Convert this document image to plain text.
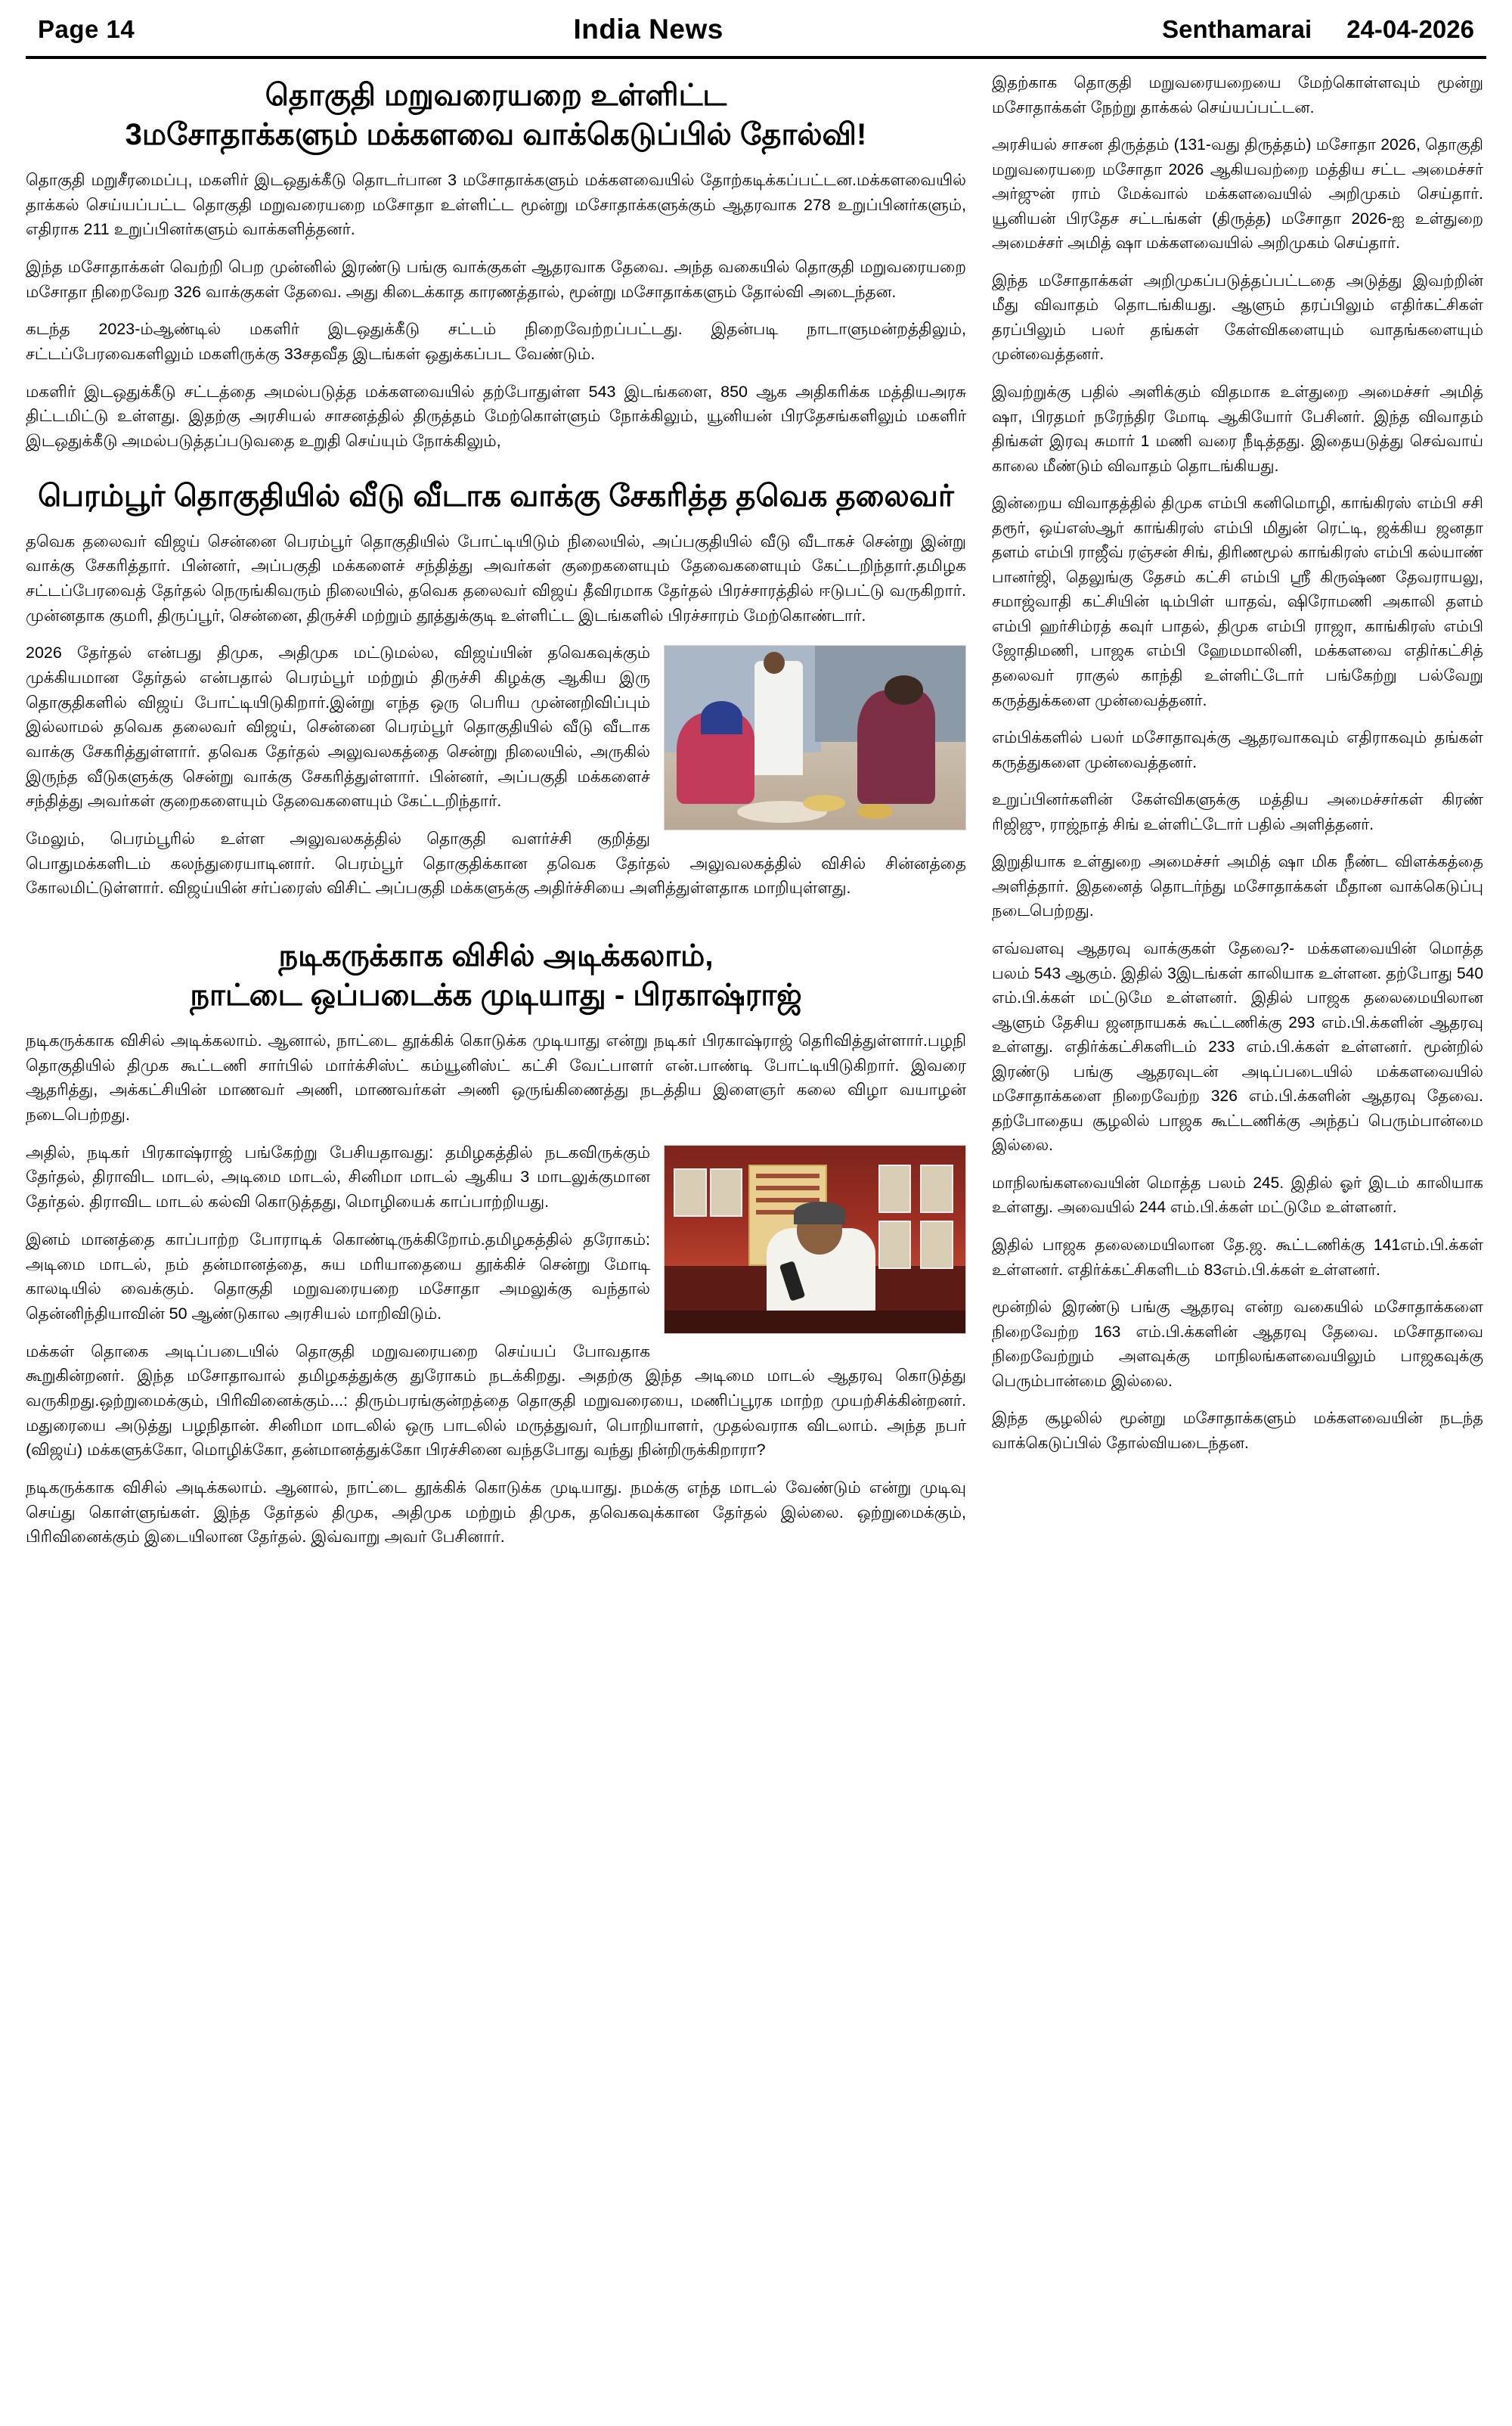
Page 14	India News	Senthamarai 24-04-2026
தொகுதி மறுவரையறை உள்ளிட்ட
3மசோதாக்களும் மக்களவை வாக்கெடுப்பில் தோல்வி!

தொகுதி மறுசீரமைப்பு, மகளிர் இடஒதுக்கீடு தொடர்பான 3 மசோதாக்களும் மக்களவையில் தோற்கடிக்கப்பட்டன.மக்களவையில் தாக்கல் செய்யப்பட்ட தொகுதி மறுவரையறை மசோதா உள்ளிட்ட மூன்று மசோதாக்களுக்கும் ஆதரவாக 278 உறுப்பினர்களும், எதிராக 211 உறுப்பினர்களும் வாக்களித்தனர்.

இந்த மசோதாக்கள் வெற்றி பெற முன்னில் இரண்டு பங்கு வாக்குகள் ஆதரவாக தேவை. அந்த வகையில் தொகுதி மறுவரையறை மசோதா நிறைவேற 326 வாக்குகள் தேவை. அது கிடைக்காத காரணத்தால், மூன்று மசோதாக்களும் தோல்வி அடைந்தன.

கடந்த 2023-ம்ஆண்டில் மகளிர் இடஒதுக்கீடு சட்டம் நிறைவேற்றப்பட்டது. இதன்படி நாடாளுமன்றத்திலும், சட்டப்பேரவைகளிலும் மகளிருக்கு 33சதவீத இடங்கள் ஒதுக்கப்பட வேண்டும்.

மகளிர் இடஒதுக்கீடு சட்டத்தை அமல்படுத்த மக்களவையில் தற்போதுள்ள 543 இடங்களை, 850 ஆக அதிகரிக்க மத்தியஅரசு திட்டமிட்டு உள்ளது. இதற்கு அரசியல் சாசனத்தில் திருத்தம் மேற்கொள்ளும் நோக்கிலும், யூனியன் பிரதேசங்களிலும் மகளிர் இடஒதுக்கீடு அமல்படுத்தப்படுவதை உறுதி செய்யும் நோக்கிலும்,

பெரம்பூர் தொகுதியில் வீடு வீடாக வாக்கு சேகரித்த தவெக தலைவர்

தவெக தலைவர் விஜய் சென்னை பெரம்பூர் தொகுதியில் போட்டியிடும் நிலையில், அப்பகுதியில் வீடு வீடாகச் சென்று இன்று வாக்கு சேகரித்தார். பின்னர், அப்பகுதி மக்களைச் சந்தித்து அவர்கள் குறைகளையும் தேவைகளையும் கேட்டறிந்தார்.தமிழக சட்டப்பேரவைத் தேர்தல் நெருங்கிவரும் நிலையில், தவெக தலைவர் விஜய் தீவிரமாக தேர்தல் பிரச்சாரத்தில் ஈடுபட்டு வருகிறார். முன்னதாக குமரி, திருப்பூர், சென்னை, திருச்சி மற்றும் தூத்துக்குடி உள்ளிட்ட இடங்களில் பிரச்சாரம் மேற்கொண்டார்.

2026 தேர்தல் என்பது திமுக, அதிமுக மட்டுமல்ல, விஜய்யின் தவெகவுக்கும் முக்கியமான தேர்தல் என்பதால் பெரம்பூர் மற்றும் திருச்சி கிழக்கு ஆகிய இரு தொகுதிகளில் விஜய் போட்டியிடுகிறார்.இன்று எந்த ஒரு பெரிய முன்னறிவிப்பும் இல்லாமல் தவெக தலைவர் விஜய், சென்னை பெரம்பூர் தொகுதியில் வீடு வீடாக வாக்கு சேகரித்துள்ளார். தவெக தேர்தல் அலுவலகத்தை சென்று நிலையில், அருகில் இருந்த வீடுகளுக்கு சென்று வாக்கு சேகரித்துள்ளார். பின்னர், அப்பகுதி மக்களைச் சந்தித்து அவர்கள் குறைகளையும் தேவைகளையும் கேட்டறிந்தார்.

மேலும், பெரம்பூரில் உள்ள அலுவலகத்தில் தொகுதி வளர்ச்சி குறித்து பொதுமக்களிடம் கலந்துரையாடினார். பெரம்பூர் தொகுதிக்கான தவெக தேர்தல் அலுவலகத்தில் விசில் சின்னத்தை கோலமிட்டுள்ளார். விஜய்யின் சர்ப்ரைஸ் விசிட் அப்பகுதி மக்களுக்கு அதிர்ச்சியை அளித்துள்ளதாக மாறியுள்ளது.

நடிகருக்காக விசில் அடிக்கலாம்,
நாட்டை ஒப்படைக்க முடியாது - பிரகாஷ்ராஜ்

நடிகருக்காக விசில் அடிக்கலாம். ஆனால், நாட்டை தூக்கிக் கொடுக்க முடியாது என்று நடிகர் பிரகாஷ்ராஜ் தெரிவித்துள்ளார்.பழநி தொகுதியில் திமுக கூட்டணி சார்பில் மார்க்சிஸ்ட் கம்யூனிஸ்ட் கட்சி வேட்பாளர் என்.பாண்டி போட்டியிடுகிறார். இவரை ஆதரித்து, அக்கட்சியின் மாணவர் அணி, மாணவர்கள் அணி ஒருங்கிணைத்து நடத்திய இளைஞர் கலை விழா வயாழன் நடைபெற்றது.

அதில், நடிகர் பிரகாஷ்ராஜ் பங்கேற்று பேசியதாவது: தமிழகத்தில் நடகவிருக்கும் தேர்தல், திராவிட மாடல், அடிமை மாடல், சினிமா மாடல் ஆகிய 3 மாடலுக்குமான தேர்தல். திராவிட மாடல் கல்வி கொடுத்தது, மொழியைக் காப்பாற்றியது.

இனம் மானத்தை காப்பாற்ற போராடிக் கொண்டிருக்கிறோம்.தமிழகத்தில் தரோகம்: அடிமை மாடல், நம் தன்மானத்தை, சுய மரியாதையை தூக்கிச் சென்று மோடி காலடியில் வைக்கும். தொகுதி மறுவரையறை மசோதா அமலுக்கு வந்தால் தென்னிந்தியாவின் 50 ஆண்டுகால அரசியல் மாறிவிடும்.

மக்கள் தொகை அடிப்படையில் தொகுதி மறுவரையறை செய்யப் போவதாக கூறுகின்றனர். இந்த மசோதாவால் தமிழகத்துக்கு துரோகம் நடக்கிறது. அதற்கு இந்த அடிமை மாடல் ஆதரவு கொடுத்து வருகிறது.ஒற்றுமைக்கும், பிரிவினைக்கும்...: திரும்பரங்குன்றத்தை தொகுதி மறுவரையை, மணிப்பூரக மாற்ற முயற்சிக்கின்றனர். மதுரையை அடுத்து பழநிதான். சினிமா மாடலில் ஒரு பாடலில் மருத்துவர், பொறியாளர், முதல்வராக விடலாம். அந்த நபர் (விஜய்) மக்களுக்கோ, மொழிக்கோ, தன்மானத்துக்கோ பிரச்சினை வந்தபோது வந்து நின்றிருக்கிறாரா?

நடிகருக்காக விசில் அடிக்கலாம். ஆனால், நாட்டை தூக்கிக் கொடுக்க முடியாது. நமக்கு எந்த மாடல் வேண்டும் என்று முடிவு செய்து கொள்ளுங்கள். இந்த தேர்தல் திமுக, அதிமுக மற்றும் திமுக, தவெகவுக்கான தேர்தல் இல்லை. ஒற்றுமைக்கும், பிரிவினைக்கும் இடையிலான தேர்தல். இவ்வாறு அவர் பேசினார்.

இதற்காக தொகுதி மறுவரையறையை மேற்கொள்ளவும் மூன்று மசோதாக்கள் நேற்று தாக்கல் செய்யப்பட்டன.

அரசியல் சாசன திருத்தம் (131-வது திருத்தம்) மசோதா 2026, தொகுதி மறுவரையறை மசோதா 2026 ஆகியவற்றை மத்திய சட்ட அமைச்சர் அர்ஜுன் ராம் மேக்வால் மக்களவையில் அறிமுகம் செய்தார். யூனியன் பிரதேச சட்டங்கள் (திருத்த) மசோதா 2026-ஐ உள்துறை அமைச்சர் அமித் ஷா மக்களவையில் அறிமுகம் செய்தார்.

இந்த மசோதாக்கள் அறிமுகப்படுத்தப்பட்டதை அடுத்து இவற்றின் மீது விவாதம் தொடங்கியது. ஆளும் தரப்பிலும் எதிர்கட்சிகள் தரப்பிலும் பலர் தங்கள் கேள்விகளையும் வாதங்களையும் முன்வைத்தனர்.

இவற்றுக்கு பதில் அளிக்கும் விதமாக உள்துறை அமைச்சர் அமித் ஷா, பிரதமர் நரேந்திர மோடி ஆகியோர் பேசினர். இந்த விவாதம் திங்கள் இரவு சுமார் 1 மணி வரை நீடித்தது. இதையடுத்து செவ்வாய் காலை மீண்டும் விவாதம் தொடங்கியது.

இன்றைய விவாதத்தில் திமுக எம்பி கனிமொழி, காங்கிரஸ் எம்பி சசி தரூர், ஒய்எஸ்ஆர் காங்கிரஸ் எம்பி மிதுன் ரெட்டி, ஜக்கிய ஜனதா தளம் எம்பி ராஜீவ் ரஞ்சன் சிங், திரிணமூல் காங்கிரஸ் எம்பி கல்யாண் பானர்ஜி, தெலுங்கு தேசம் கட்சி எம்பி ஸ்ரீ கிருஷ்ண தேவராயலு, சமாஜ்வாதி கட்சியின் டிம்பிள் யாதவ், ஷிரோமணி அகாலி தளம் எம்பி ஹர்சிம்ரத் கவுர் பாதல், திமுக எம்பி ராஜா, காங்கிரஸ் எம்பி ஜோதிமணி, பாஜக எம்பி ஹேமமாலினி, மக்களவை எதிர்கட்சித் தலைவர் ராகுல் காந்தி உள்ளிட்டோர் பங்கேற்று பல்வேறு கருத்துக்களை முன்வைத்தனர்.

எம்பிக்களில் பலர் மசோதாவுக்கு ஆதரவாகவும் எதிராகவும் தங்கள் கருத்துகளை முன்வைத்தனர்.

உறுப்பினர்களின் கேள்விகளுக்கு மத்திய அமைச்சர்கள் கிரண் ரிஜிஜு, ராஜ்நாத் சிங் உள்ளிட்டோர் பதில் அளித்தனர்.

இறுதியாக உள்துறை அமைச்சர் அமித் ஷா மிக நீண்ட விளக்கத்தை அளித்தார். இதனைத் தொடர்ந்து மசோதாக்கள் மீதான வாக்கெடுப்பு நடைபெற்றது.

எவ்வளவு ஆதரவு வாக்குகள் தேவை?- மக்களவையின் மொத்த பலம் 543 ஆகும். இதில் 3இடங்கள் காலியாக உள்ளன. தற்போது 540 எம்.பி.க்கள் மட்டுமே உள்ளனர். இதில் பாஜக தலைமையிலான ஆளும் தேசிய ஜனநாயகக் கூட்டணிக்கு 293 எம்.பி.க்களின் ஆதரவு உள்ளது. எதிர்க்கட்சிகளிடம் 233 எம்.பி.க்கள் உள்ளனர். மூன்றில் இரண்டு பங்கு ஆதரவுடன் அடிப்படையில் மக்களவையில் மசோதாக்களை நிறைவேற்ற 326 எம்.பி.க்களின் ஆதரவு தேவை. தற்போதைய சூழலில் பாஜக கூட்டணிக்கு அந்தப் பெரும்பான்மை இல்லை.

மாநிலங்களவையின் மொத்த பலம் 245. இதில் ஓர் இடம் காலியாக உள்ளது. அவையில் 244 எம்.பி.க்கள் மட்டுமே உள்ளனர்.

இதில் பாஜக தலைமையிலான தே.ஜ. கூட்டணிக்கு 141எம்.பி.க்கள் உள்ளனர். எதிர்க்கட்சிகளிடம் 83எம்.பி.க்கள் உள்ளனர்.

மூன்றில் இரண்டு பங்கு ஆதரவு என்ற வகையில் மசோதாக்களை நிறைவேற்ற 163 எம்.பி.க்களின் ஆதரவு தேவை. மசோதாவை நிறைவேற்றும் அளவுக்கு மாநிலங்களவையிலும் பாஜகவுக்கு பெரும்பான்மை இல்லை.

இந்த சூழலில் மூன்று மசோதாக்களும் மக்களவையின் நடந்த வாக்கெடுப்பில் தோல்வியடைந்தன.
